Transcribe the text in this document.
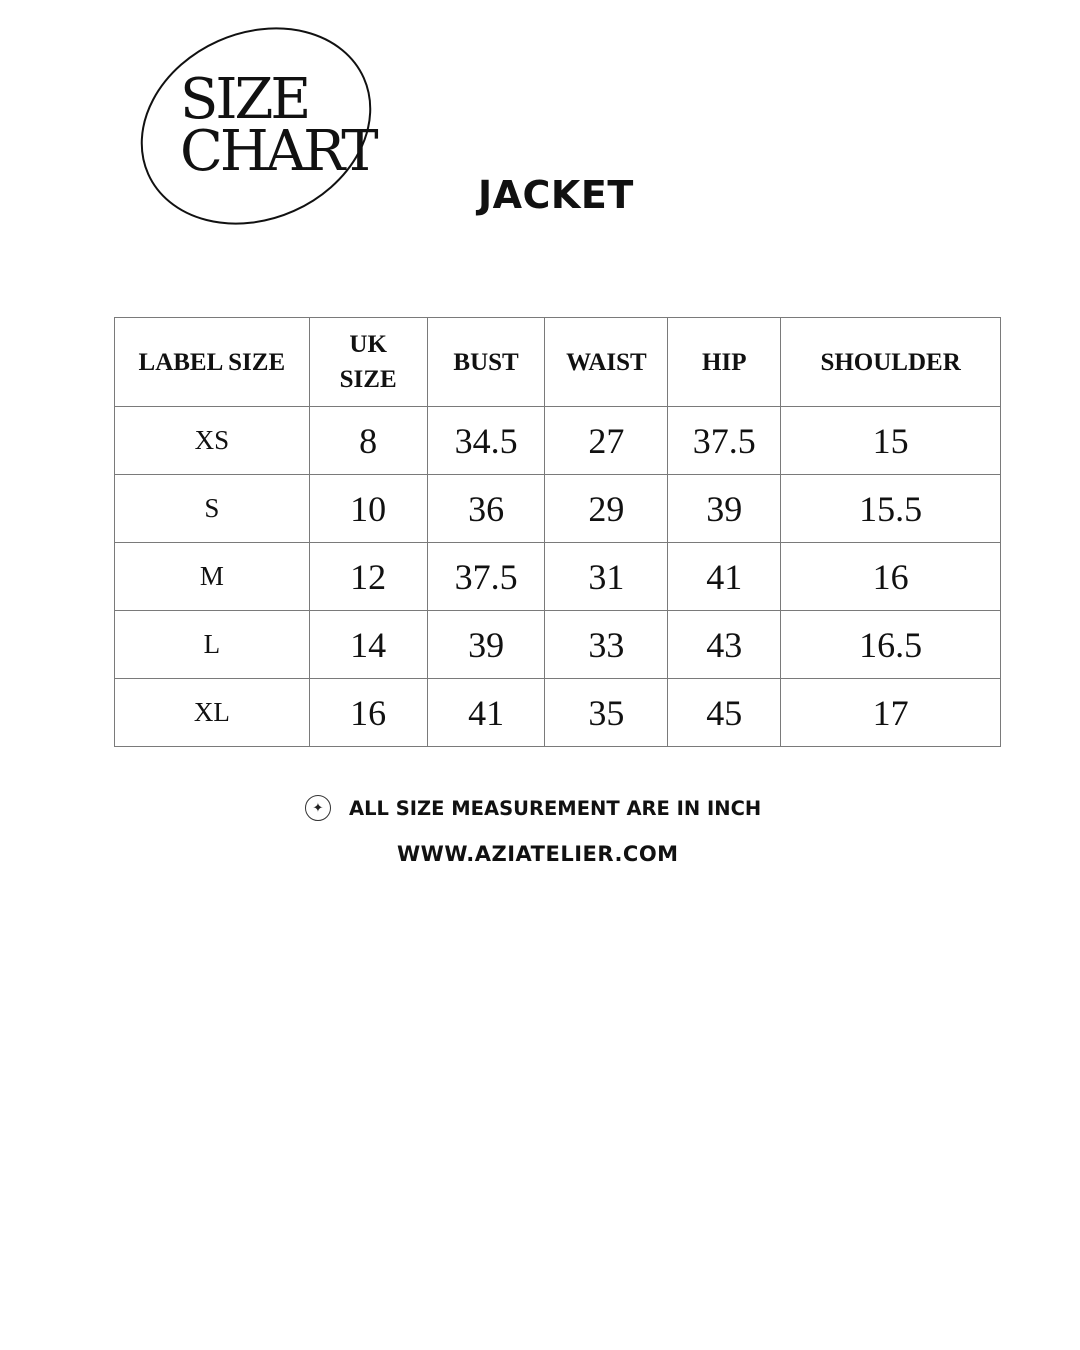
SIZE
CHART
JACKET
LABEL SIZE	UK SIZE	BUST	WAIST	HIP	SHOULDER
XS	8	34.5	27	37.5	15
S	10	36	29	39	15.5
M	12	37.5	31	41	16
L	14	39	33	43	16.5
XL	16	41	35	45	17
✦	ALL SIZE MEASUREMENT ARE IN INCH
WWW.AZIATELIER.COM
